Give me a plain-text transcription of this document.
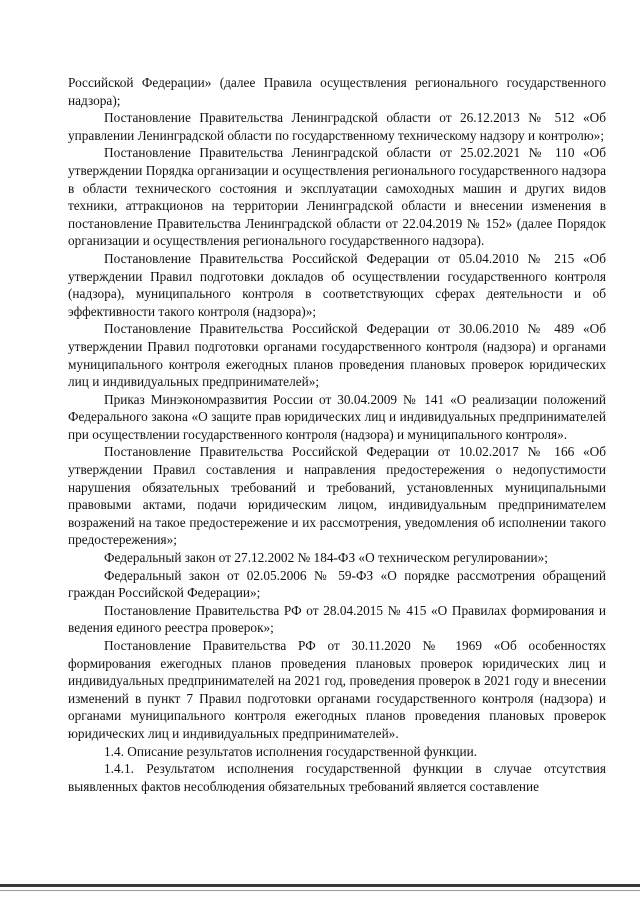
Российской Федерации» (далее Правила осуществления регионального государственного надзора);

Постановление Правительства Ленинградской области от 26.12.2013 № 512 «Об управлении Ленинградской области по государственному техническому надзору и контролю»;

Постановление Правительства Ленинградской области от 25.02.2021 № 110 «Об утверждении Порядка организации и осуществления регионального государственного надзора в области технического состояния и эксплуатации самоходных машин и других видов техники, аттракционов на территории Ленинградской области и внесении изменения в постановление Правительства Ленинградской области от 22.04.2019 № 152» (далее Порядок организации и осуществления регионального государственного надзора).

Постановление Правительства Российской Федерации от 05.04.2010 № 215 «Об утверждении Правил подготовки докладов об осуществлении государственного контроля (надзора), муниципального контроля в соответствующих сферах деятельности и об эффективности такого контроля (надзора)»;

Постановление Правительства Российской Федерации от 30.06.2010 № 489 «Об утверждении Правил подготовки органами государственного контроля (надзора) и органами муниципального контроля ежегодных планов проведения плановых проверок юридических лиц и индивидуальных предпринимателей»;

Приказ Минэкономразвития России от 30.04.2009 № 141 «О реализации положений Федерального закона «О защите прав юридических лиц и индивидуальных предпринимателей при осуществлении государственного контроля (надзора) и муниципального контроля».

Постановление Правительства Российской Федерации от 10.02.2017 № 166 «Об утверждении Правил составления и направления предостережения о недопустимости нарушения обязательных требований и требований, установленных муниципальными правовыми актами, подачи юридическим лицом, индивидуальным предпринимателем возражений на такое предостережение и их рассмотрения, уведомления об исполнении такого предостережения»;

Федеральный закон от 27.12.2002 № 184-ФЗ «О техническом регулировании»;

Федеральный закон от 02.05.2006 № 59-ФЗ «О порядке рассмотрения обращений граждан Российской Федерации»;

Постановление Правительства РФ от 28.04.2015 № 415 «О Правилах формирования и ведения единого реестра проверок»;

Постановление Правительства РФ от 30.11.2020 № 1969 «Об особенностях формирования ежегодных планов проведения плановых проверок юридических лиц и индивидуальных предпринимателей на 2021 год, проведения проверок в 2021 году и внесении изменений в пункт 7 Правил подготовки органами государственного контроля (надзора) и органами муниципального контроля ежегодных планов проведения плановых проверок юридических лиц и индивидуальных предпринимателей».

1.4. Описание результатов исполнения государственной функции.

1.4.1. Результатом исполнения государственной функции в случае отсутствия выявленных фактов несоблюдения обязательных требований является составление
